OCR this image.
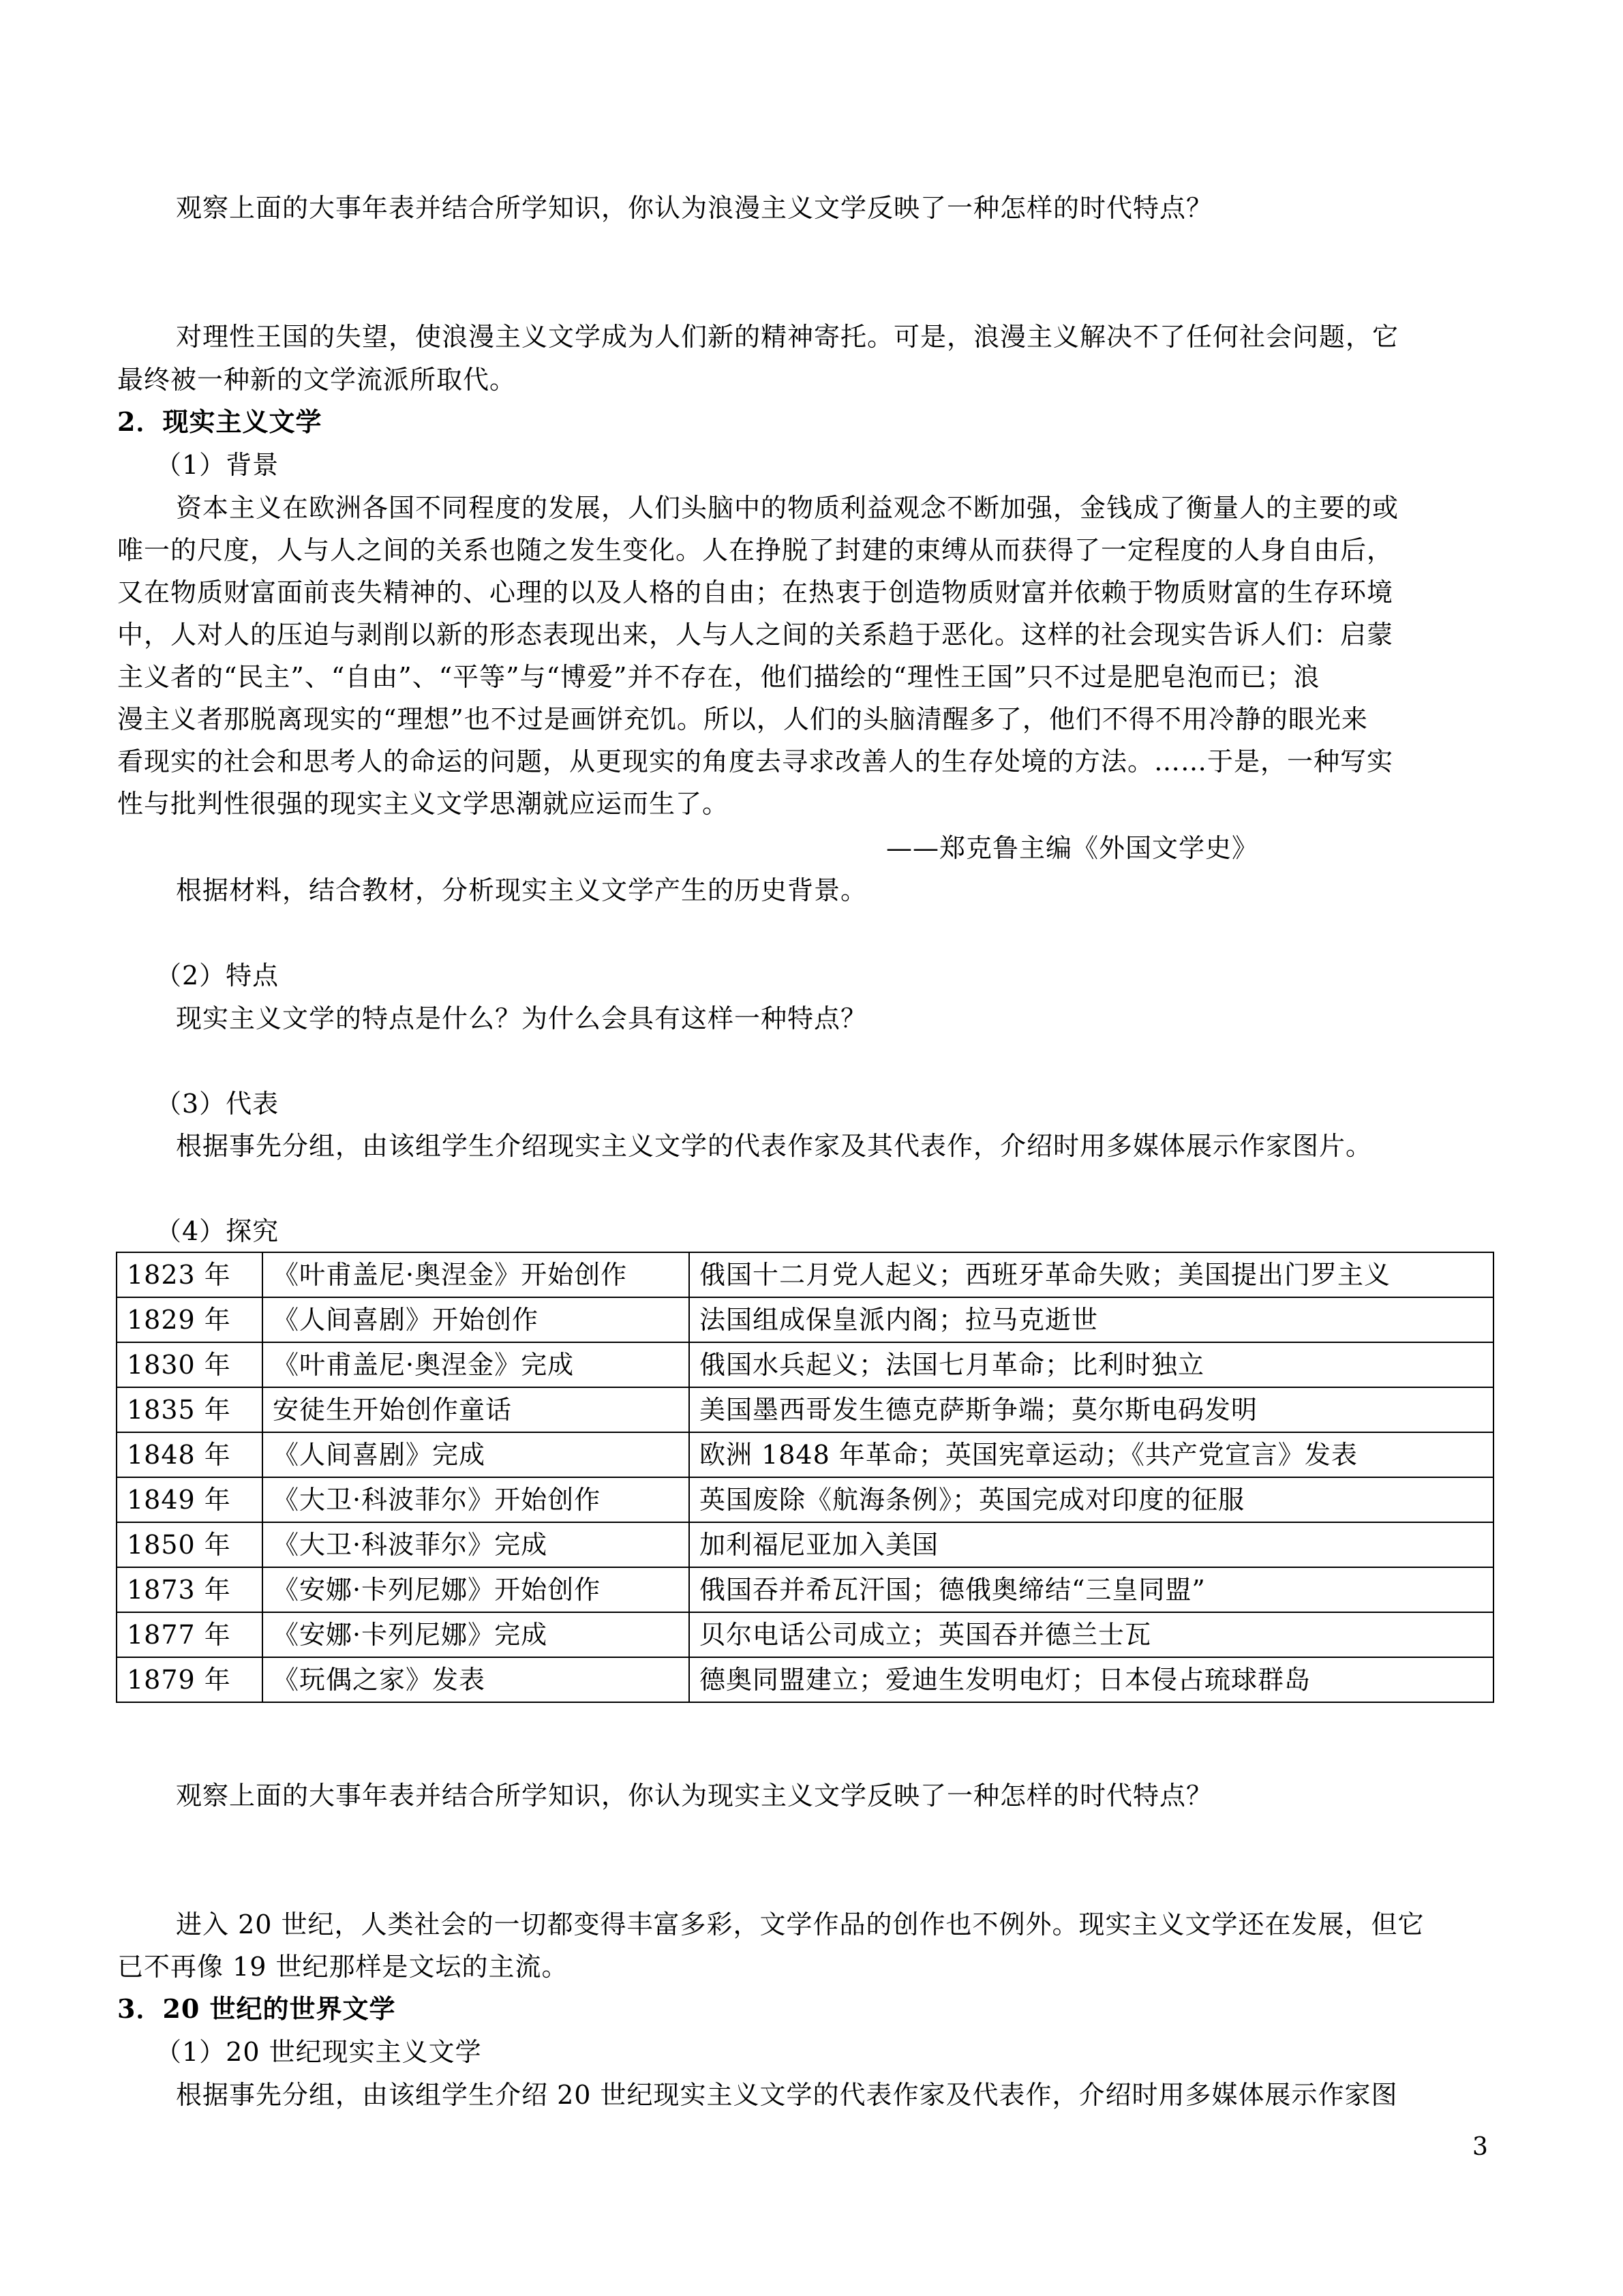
观察上面的大事年表并结合所学知识，你认为浪漫主义文学反映了一种怎样的时代特点？
对理性王国的失望，使浪漫主义文学成为人们新的精神寄托。可是，浪漫主义解决不了任何社会问题，它
最终被一种新的文学流派所取代。
2．现实主义文学
（1）背景
资本主义在欧洲各国不同程度的发展，人们头脑中的物质利益观念不断加强，金钱成了衡量人的主要的或
唯一的尺度，人与人之间的关系也随之发生变化。人在挣脱了封建的束缚从而获得了一定程度的人身自由后，
又在物质财富面前丧失精神的、心理的以及人格的自由；在热衷于创造物质财富并依赖于物质财富的生存环境
中，人对人的压迫与剥削以新的形态表现出来，人与人之间的关系趋于恶化。这样的社会现实告诉人们：启蒙
主义者的“民主”、“自由”、“平等”与“博爱”并不存在，他们描绘的“理性王国”只不过是肥皂泡而已；浪
漫主义者那脱离现实的“理想”也不过是画饼充饥。所以，人们的头脑清醒多了，他们不得不用冷静的眼光来
看现实的社会和思考人的命运的问题，从更现实的角度去寻求改善人的生存处境的方法。……于是，一种写实
性与批判性很强的现实主义文学思潮就应运而生了。
——郑克鲁主编《外国文学史》
根据材料，结合教材，分析现实主义文学产生的历史背景。
（2）特点
现实主义文学的特点是什么？为什么会具有这样一种特点？
（3）代表
根据事先分组，由该组学生介绍现实主义文学的代表作家及其代表作，介绍时用多媒体展示作家图片。
（4）探究
1823 年	《叶甫盖尼·奥涅金》开始创作	俄国十二月党人起义；西班牙革命失败；美国提出门罗主义
1829 年	《人间喜剧》开始创作	法国组成保皇派内阁；拉马克逝世
1830 年	《叶甫盖尼·奥涅金》完成	俄国水兵起义；法国七月革命；比利时独立
1835 年	安徒生开始创作童话	美国墨西哥发生德克萨斯争端；莫尔斯电码发明
1848 年	《人间喜剧》完成	欧洲 1848 年革命；英国宪章运动；《共产党宣言》发表
1849 年	《大卫·科波菲尔》开始创作	英国废除《航海条例》；英国完成对印度的征服
1850 年	《大卫·科波菲尔》完成	加利福尼亚加入美国
1873 年	《安娜·卡列尼娜》开始创作	俄国吞并希瓦汗国；德俄奥缔结“三皇同盟”
1877 年	《安娜·卡列尼娜》完成	贝尔电话公司成立；英国吞并德兰士瓦
1879 年	《玩偶之家》发表	德奥同盟建立；爱迪生发明电灯；日本侵占琉球群岛
观察上面的大事年表并结合所学知识，你认为现实主义文学反映了一种怎样的时代特点？
进入 20 世纪，人类社会的一切都变得丰富多彩，文学作品的创作也不例外。现实主义文学还在发展，但它
已不再像 19 世纪那样是文坛的主流。
3．20 世纪的世界文学
（1）20 世纪现实主义文学
根据事先分组，由该组学生介绍 20 世纪现实主义文学的代表作家及代表作，介绍时用多媒体展示作家图
3
